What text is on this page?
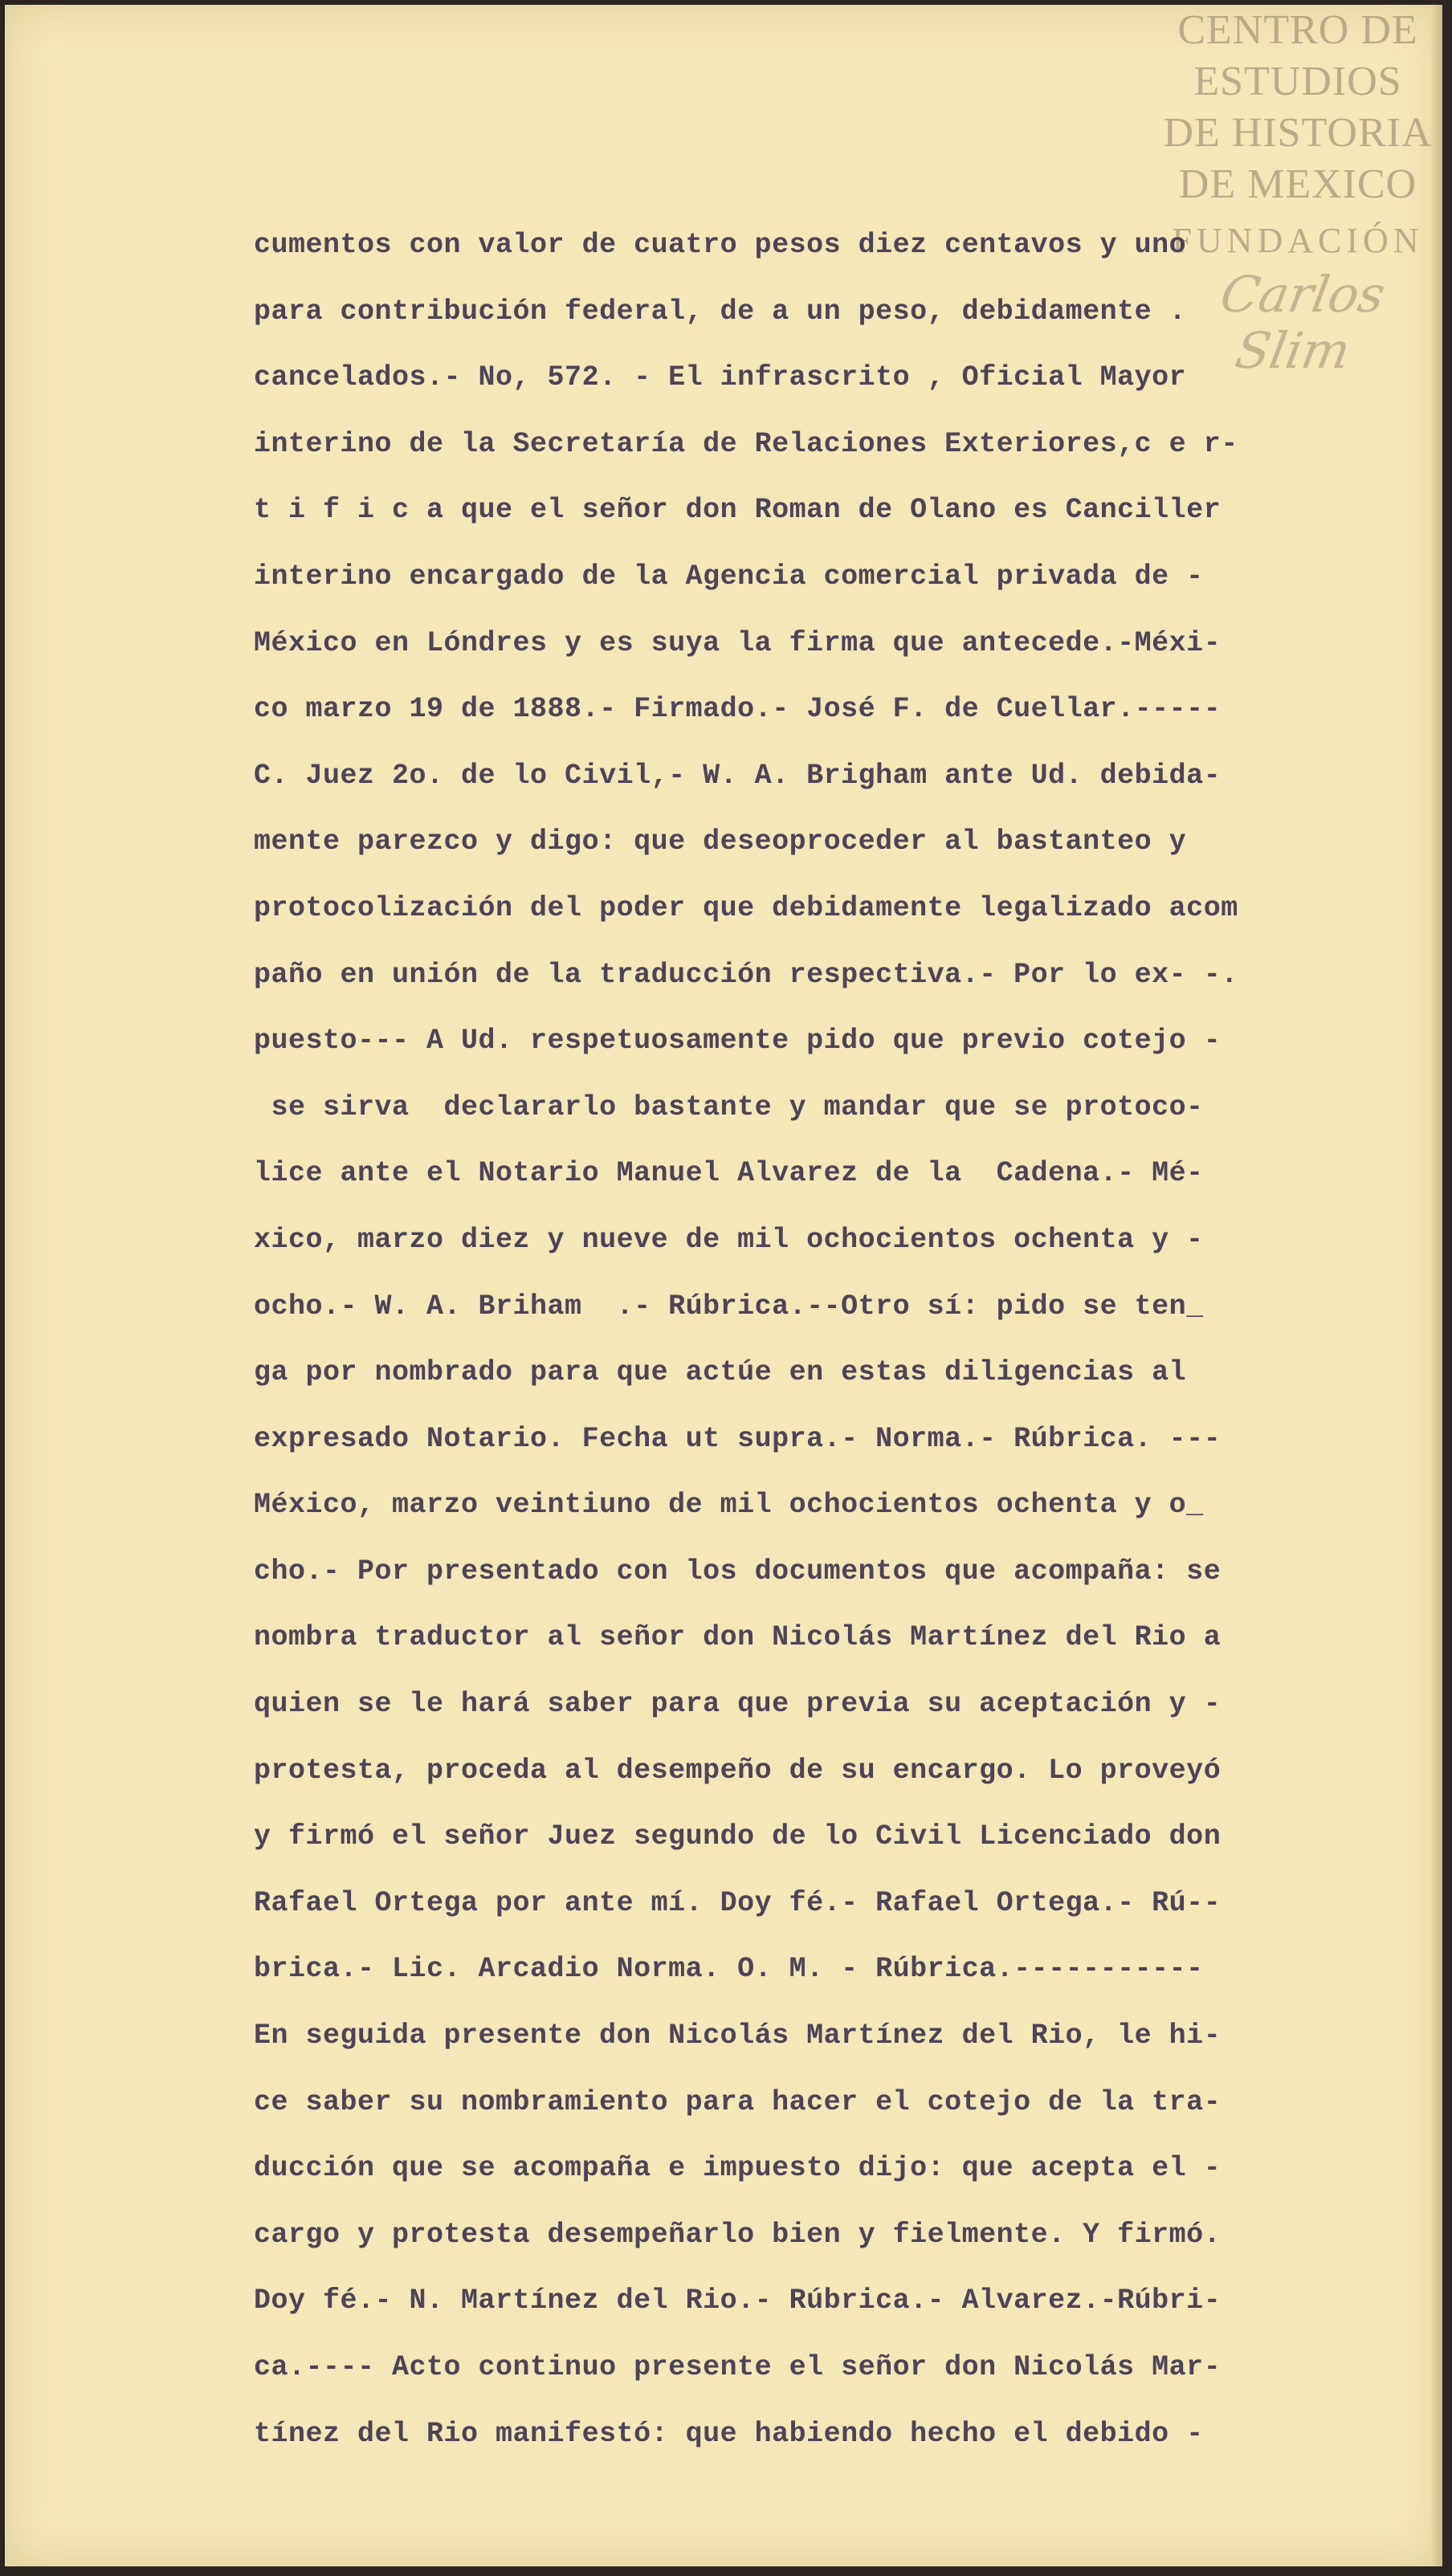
CENTRO DE
ESTUDIOS
DE HISTORIA
DE MEXICO
FUNDACIÓN
Carlos Slim
cumentos con valor de cuatro pesos diez centavos y uno
para contribución federal, de a un peso, debidamente .
cancelados.- No, 572. - El infrascrito , Oficial Mayor
interino de la Secretaría de Relaciones Exteriores,c e r-
t i f i c a que el señor don Roman de Olano es Canciller
interino encargado de la Agencia comercial privada de -
México en Lóndres y es suya la firma que antecede.-Méxi-
co marzo 19 de 1888.- Firmado.- José F. de Cuellar.-----
C. Juez 2o. de lo Civil,- W. A. Brigham ante Ud. debida-
mente parezco y digo: que deseoproceder al bastanteo y
protocolización del poder que debidamente legalizado acom
paño en unión de la traducción respectiva.- Por lo ex- -.
puesto--- A Ud. respetuosamente pido que previo cotejo -
se sirva  declararlo bastante y mandar que se protoco-
lice ante el Notario Manuel Alvarez de la  Cadena.- Mé-
xico, marzo diez y nueve de mil ochocientos ochenta y -
ocho.- W. A. Briham  .- Rúbrica.--Otro sí: pido se ten_
ga por nombrado para que actúe en estas diligencias al
expresado Notario. Fecha ut supra.- Norma.- Rúbrica. ---
México, marzo veintiuno de mil ochocientos ochenta y o_
cho.- Por presentado con los documentos que acompaña: se
nombra traductor al señor don Nicolás Martínez del Rio a
quien se le hará saber para que previa su aceptación y -
protesta, proceda al desempeño de su encargo. Lo proveyó
y firmó el señor Juez segundo de lo Civil Licenciado don
Rafael Ortega por ante mí. Doy fé.- Rafael Ortega.- Rú--
brica.- Lic. Arcadio Norma. O. M. - Rúbrica.-----------
En seguida presente don Nicolás Martínez del Rio, le hi-
ce saber su nombramiento para hacer el cotejo de la tra-
ducción que se acompaña e impuesto dijo: que acepta el -
cargo y protesta desempeñarlo bien y fielmente. Y firmó.
Doy fé.- N. Martínez del Rio.- Rúbrica.- Alvarez.-Rúbri-
ca.---- Acto continuo presente el señor don Nicolás Mar-
tínez del Rio manifestó: que habiendo hecho el debido -
